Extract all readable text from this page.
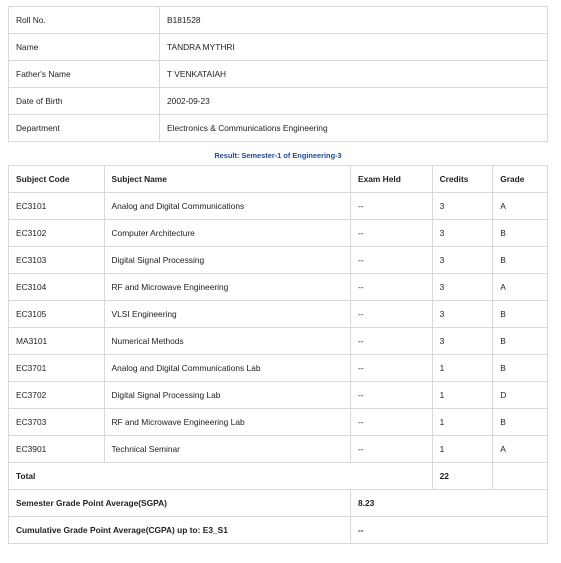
Roll No.	B181528
Name	TANDRA MYTHRI
Father's Name	T VENKATAIAH
Date of Birth	2002-09-23
Department	Electronics & Communications Engineering
Result: Semester-1 of Engineering-3
Subject Code	Subject Name	Exam Held	Credits	Grade
EC3101	Analog and Digital Communications	--	3	A
EC3102	Computer Architecture	--	3	B
EC3103	Digital Signal Processing	--	3	B
EC3104	RF and Microwave Engineering	--	3	A
EC3105	VLSI Engineering	--	3	B
MA3101	Numerical Methods	--	3	B
EC3701	Analog and Digital Communications Lab	--	1	B
EC3702	Digital Signal Processing Lab	--	1	D
EC3703	RF and Microwave Engineering Lab	--	1	B
EC3901	Technical Seminar	--	1	A
Total			22	
Semester Grade Point Average(SGPA)		8.23		
Cumulative Grade Point Average(CGPA) up to: E3_S1		--		
